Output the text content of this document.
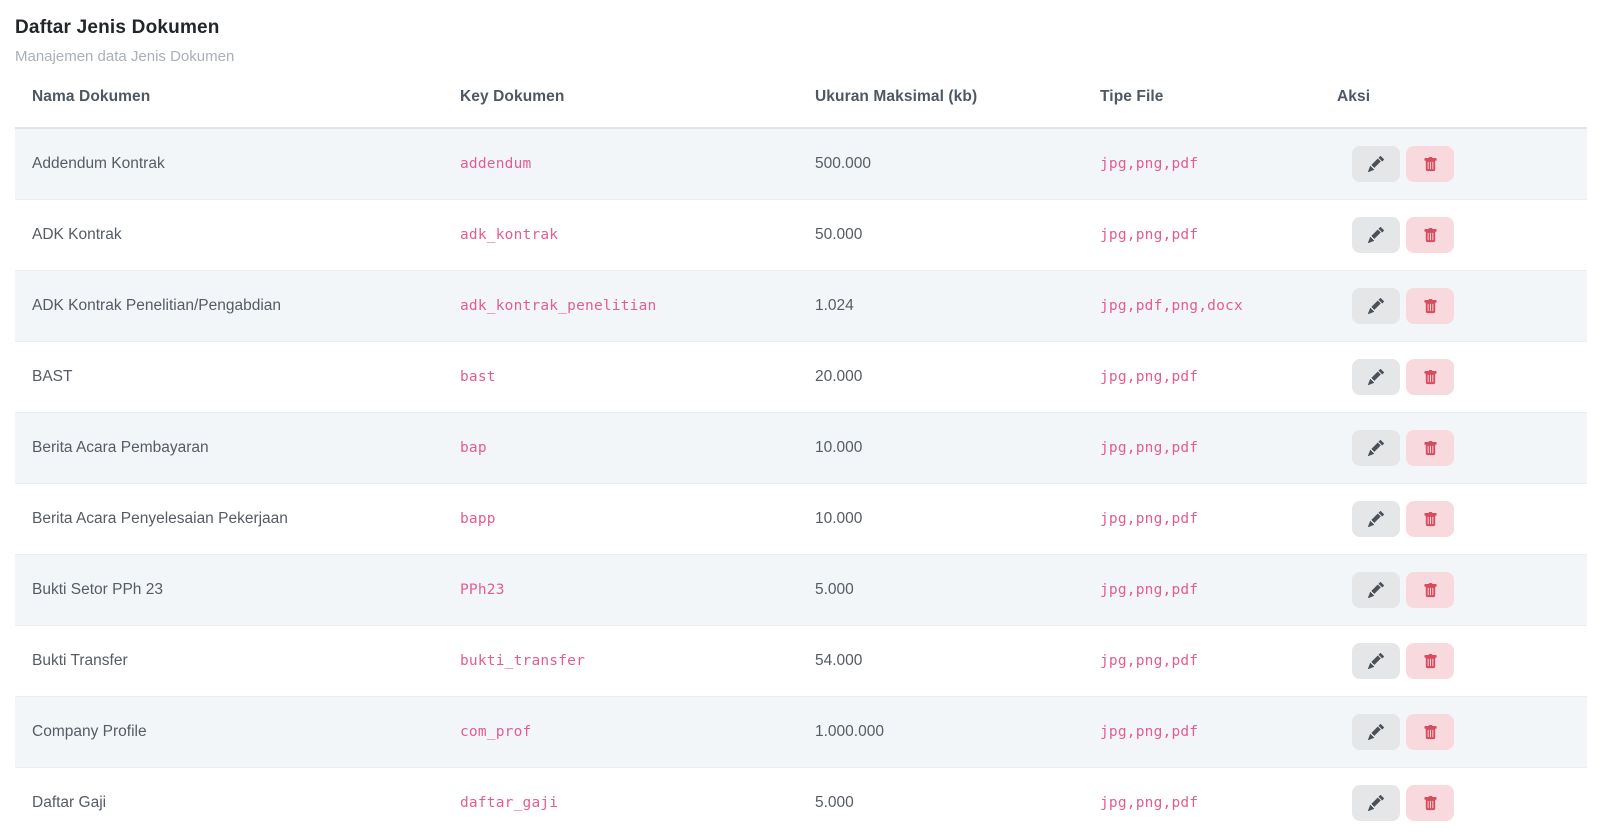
Daftar Jenis Dokumen

Manajemen data Jenis Dokumen

Nama Dokumen	Key Dokumen	Ukuran Maksimal (kb)	Tipe File	Aksi
Addendum Kontrak	addendum	500.000	jpg,png,pdf	

ADK Kontrak	adk_kontrak	50.000	jpg,png,pdf	

ADK Kontrak Penelitian/Pengabdian	adk_kontrak_penelitian	1.024	jpg,pdf,png,docx	

BAST	bast	20.000	jpg,png,pdf	

Berita Acara Pembayaran	bap	10.000	jpg,png,pdf	

Berita Acara Penyelesaian Pekerjaan	bapp	10.000	jpg,png,pdf	

Bukti Setor PPh 23	PPh23	5.000	jpg,png,pdf	

Bukti Transfer	bukti_transfer	54.000	jpg,png,pdf	

Company Profile	com_prof	1.000.000	jpg,png,pdf	

Daftar Gaji	daftar_gaji	5.000	jpg,png,pdf	
